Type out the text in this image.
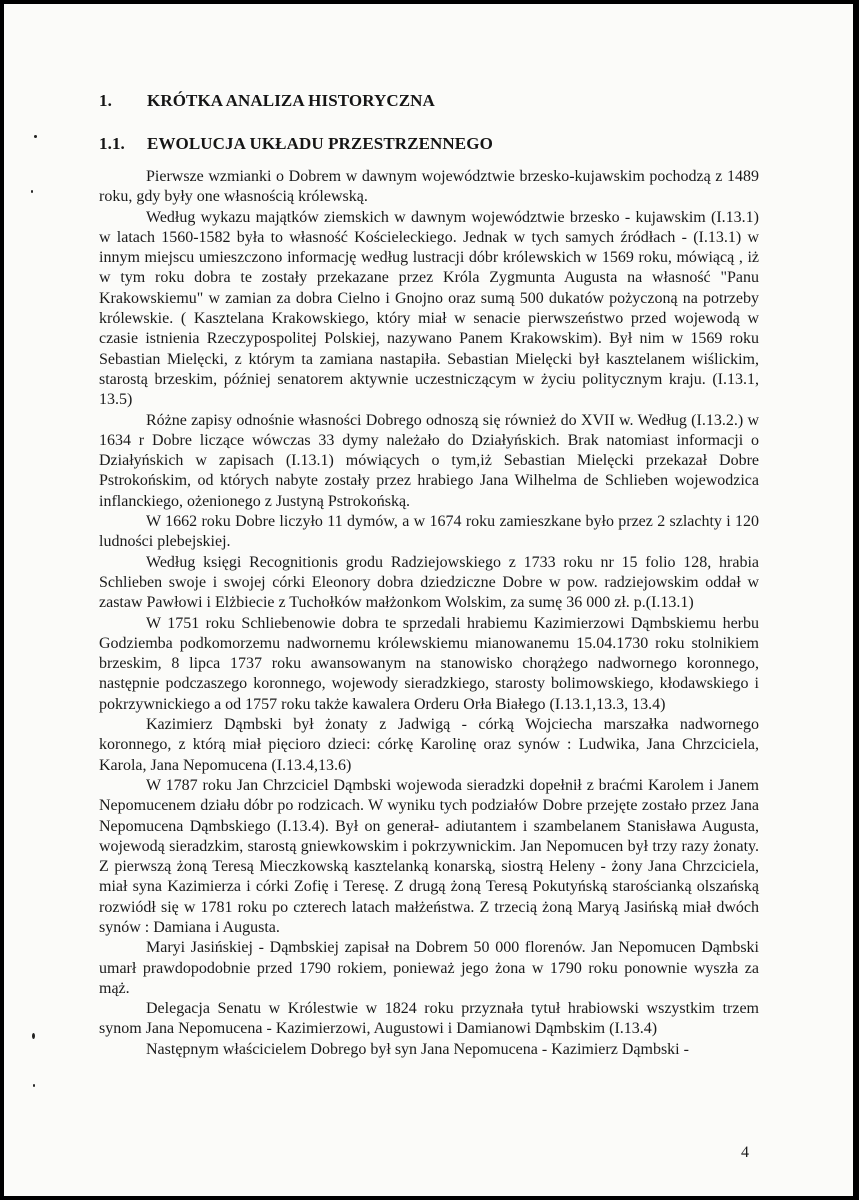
1. KRÓTKA ANALIZA HISTORYCZNA
1.1. EWOLUCJA UKŁADU PRZESTRZENNEGO

Pierwsze wzmianki o Dobrem w dawnym województwie brzesko-kujawskim pochodzą z 1489 roku, gdy były one własnością królewską.

Według wykazu majątków ziemskich w dawnym województwie brzesko - kujawskim (I.13.1) w latach 1560-1582 była to własność Kościeleckiego. Jednak w tych samych źródłach - (I.13.1) w innym miejscu umieszczono informację według lustracji dóbr królewskich w 1569 roku, mówiącą , iż w tym roku dobra te zostały przekazane przez Króla Zygmunta Augusta na własność "Panu Krakowskiemu" w zamian za dobra Cielno i Gnojno oraz sumą 500 dukatów pożyczoną na potrzeby królewskie. ( Kasztelana Krakowskiego, który miał w senacie pierwszeństwo przed wojewodą w czasie istnienia Rzeczypospolitej Polskiej, nazywano Panem Krakowskim). Był nim w 1569 roku Sebastian Mielęcki, z którym ta zamiana nastapiła. Sebastian Mielęcki był kasztelanem wiślickim, starostą brzeskim, później senatorem aktywnie uczestniczącym w życiu politycznym kraju. (I.13.1, 13.5)

Różne zapisy odnośnie własności Dobrego odnoszą się również do XVII w. Według (I.13.2.) w 1634 r Dobre liczące wówczas 33 dymy należało do Działyńskich. Brak natomiast informacji o Działyńskich w zapisach (I.13.1) mówiących o tym,iż Sebastian Mielęcki przekazał Dobre Pstrokońskim, od których nabyte zostały przez hrabiego Jana Wilhelma de Schlieben wojewodzica inflanckiego, ożenionego z Justyną Pstrokońską.

W 1662 roku Dobre liczyło 11 dymów, a w 1674 roku zamieszkane było przez 2 szlachty i 120 ludności plebejskiej.

Według księgi Recognitionis grodu Radziejowskiego z 1733 roku nr 15 folio 128, hrabia Schlieben swoje i swojej córki Eleonory dobra dziedziczne Dobre w pow. radziejowskim oddał w zastaw Pawłowi i Elżbiecie z Tuchołków małżonkom Wolskim, za sumę 36 000 zł. p.(I.13.1)

W 1751 roku Schliebenowie dobra te sprzedali hrabiemu Kazimierzowi Dąmbskiemu herbu Godziemba podkomorzemu nadwornemu królewskiemu mianowanemu 15.04.1730 roku stolnikiem brzeskim, 8 lipca 1737 roku awansowanym na stanowisko chorążego nadwornego koronnego, następnie podczaszego koronnego, wojewody sieradzkiego, starosty bolimowskiego, kłodawskiego i pokrzywnickiego a od 1757 roku także kawalera Orderu Orła Białego (I.13.1,13.3, 13.4)

Kazimierz Dąmbski był żonaty z Jadwigą - córką Wojciecha marszałka nadwornego koronnego, z którą miał pięcioro dzieci: córkę Karolinę oraz synów : Ludwika, Jana Chrzciciela, Karola, Jana Nepomucena (I.13.4,13.6)

W 1787 roku Jan Chrzciciel Dąmbski wojewoda sieradzki dopełnił z braćmi Karolem i Janem Nepomucenem działu dóbr po rodzicach. W wyniku tych podziałów Dobre przejęte zostało przez Jana Nepomucena Dąmbskiego (I.13.4). Był on generał- adiutantem i szambelanem Stanisława Augusta, wojewodą sieradzkim, starostą gniewkowskim i pokrzywnickim. Jan Nepomucen był trzy razy żonaty. Z pierwszą żoną Teresą Mieczkowską kasztelanką konarską, siostrą Heleny - żony Jana Chrzciciela, miał syna Kazimierza i córki Zofię i Teresę. Z drugą żoną Teresą Pokutyńską starościanką olszańską rozwiódł się w 1781 roku po czterech latach małżeństwa. Z trzecią żoną Maryą Jasińską miał dwóch synów : Damiana i Augusta.

Maryi Jasińskiej - Dąmbskiej zapisał na Dobrem 50 000 florenów. Jan Nepomucen Dąmbski umarł prawdopodobnie przed 1790 rokiem, ponieważ jego żona w 1790 roku ponownie wyszła za mąż.

Delegacja Senatu w Królestwie w 1824 roku przyznała tytuł hrabiowski wszystkim trzem synom Jana Nepomucena - Kazimierzowi, Augustowi i Damianowi Dąmbskim (I.13.4)

Następnym właścicielem Dobrego był syn Jana Nepomucena - Kazimierz Dąmbski -

4
